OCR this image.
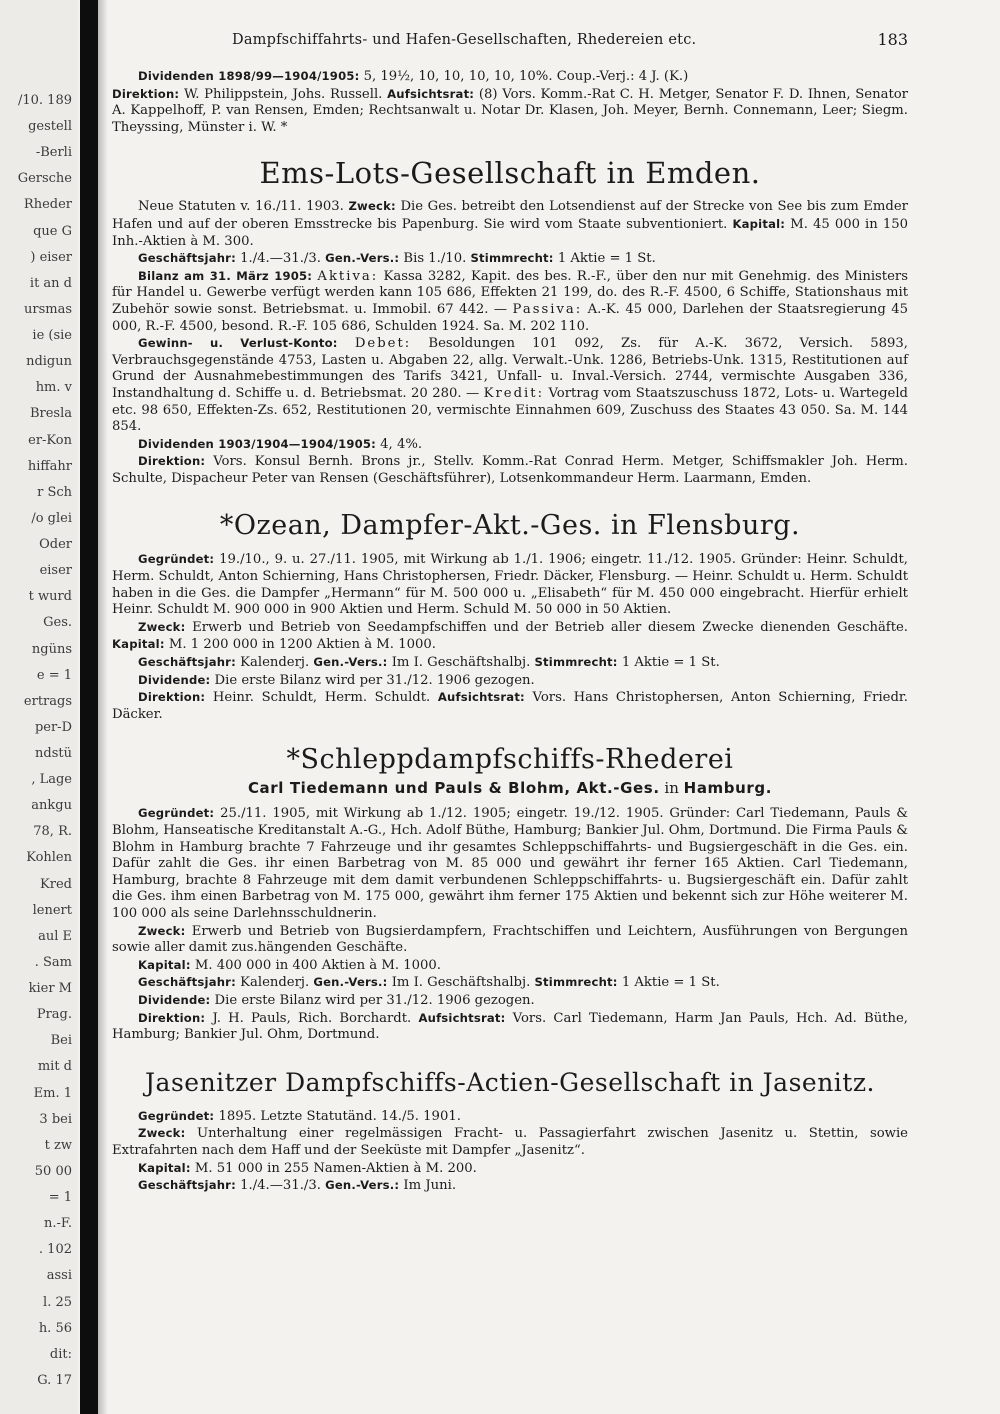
/10. 189
gestell
-Berli
Gersche
Rheder
que G
) eiser
it an d
ursmas
ie (sie
ndigun
hm. v
Bresla
er-Kon
hiffahr
r Sch
/o glei
Oder
eiser
t wurd
Ges.
ngüns
e = 1
ertrags
per-D
ndstü
, Lage
ankgu
78, R.
Kohlen
Kred
lenert
aul E
. Sam
kier M
Prag.
Bei
mit d
Em. 1
3 bei
t zw
50 00
= 1
n.-F.
. 102
assi
l. 25
h. 56
dit:
G. 17
Dampfschiffahrts- und Hafen-Gesellschaften, Rhedereien etc.	183

Dividenden 1898/99—1904/1905: 5, 19½, 10, 10, 10, 10, 10%. Coup.-Verj.: 4 J. (K.)
Direktion: W. Philippstein, Johs. Russell. Aufsichtsrat: (8) Vors. Komm.-Rat C. H. Metger, Senator F. D. Ihnen, Senator A. Kappelhoff, P. van Rensen, Emden; Rechtsanwalt u. Notar Dr. Klasen, Joh. Meyer, Bernh. Connemann, Leer; Siegm. Theyssing, Münster i. W. *

Ems-Lots-Gesellschaft in Emden.

Neue Statuten v. 16./11. 1903. Zweck: Die Ges. betreibt den Lotsendienst auf der Strecke von See bis zum Emder Hafen und auf der oberen Emsstrecke bis Papenburg. Sie wird vom Staate subventioniert. Kapital: M. 45 000 in 150 Inh.-Aktien à M. 300.

Geschäftsjahr: 1./4.—31./3. Gen.-Vers.: Bis 1./10. Stimmrecht: 1 Aktie = 1 St.

Bilanz am 31. März 1905: Aktiva: Kassa 3282, Kapit. des bes. R.-F., über den nur mit Genehmig. des Ministers für Handel u. Gewerbe verfügt werden kann 105 686, Effekten 21 199, do. des R.-F. 4500, 6 Schiffe, Stationshaus mit Zubehör sowie sonst. Betriebsmat. u. Immobil. 67 442. — Passiva: A.-K. 45 000, Darlehen der Staatsregierung 45 000, R.-F. 4500, besond. R.-F. 105 686, Schulden 1924. Sa. M. 202 110.

Gewinn- u. Verlust-Konto: Debet: Besoldungen 101 092, Zs. für A.-K. 3672, Versich. 5893, Verbrauchsgegenstände 4753, Lasten u. Abgaben 22, allg. Verwalt.-Unk. 1286, Betriebs-Unk. 1315, Restitutionen auf Grund der Ausnahmebestimmungen des Tarifs 3421, Unfall- u. Inval.-Versich. 2744, vermischte Ausgaben 336, Instandhaltung d. Schiffe u. d. Betriebsmat. 20 280. — Kredit: Vortrag vom Staatszuschuss 1872, Lots- u. Wartegeld etc. 98 650, Effekten-Zs. 652, Restitutionen 20, vermischte Einnahmen 609, Zuschuss des Staates 43 050. Sa. M. 144 854.

Dividenden 1903/1904—1904/1905: 4, 4%.

Direktion: Vors. Konsul Bernh. Brons jr., Stellv. Komm.-Rat Conrad Herm. Metger, Schiffsmakler Joh. Herm. Schulte, Dispacheur Peter van Rensen (Geschäftsführer), Lotsenkommandeur Herm. Laarmann, Emden.

*Ozean, Dampfer-Akt.-Ges. in Flensburg.

Gegründet: 19./10., 9. u. 27./11. 1905, mit Wirkung ab 1./1. 1906; eingetr. 11./12. 1905. Gründer: Heinr. Schuldt, Herm. Schuldt, Anton Schierning, Hans Christophersen, Friedr. Däcker, Flensburg. — Heinr. Schuldt u. Herm. Schuldt haben in die Ges. die Dampfer „Hermann“ für M. 500 000 u. „Elisabeth“ für M. 450 000 eingebracht. Hierfür erhielt Heinr. Schuldt M. 900 000 in 900 Aktien und Herm. Schuld M. 50 000 in 50 Aktien.

Zweck: Erwerb und Betrieb von Seedampfschiffen und der Betrieb aller diesem Zwecke dienenden Geschäfte. Kapital: M. 1 200 000 in 1200 Aktien à M. 1000.

Geschäftsjahr: Kalenderj. Gen.-Vers.: Im I. Geschäftshalbj. Stimmrecht: 1 Aktie = 1 St.

Dividende: Die erste Bilanz wird per 31./12. 1906 gezogen.

Direktion: Heinr. Schuldt, Herm. Schuldt. Aufsichtsrat: Vors. Hans Christophersen, Anton Schierning, Friedr. Däcker.

*Schleppdampfschiffs-Rhederei
Carl Tiedemann und Pauls & Blohm, Akt.-Ges. in Hamburg.

Gegründet: 25./11. 1905, mit Wirkung ab 1./12. 1905; eingetr. 19./12. 1905. Gründer: Carl Tiedemann, Pauls & Blohm, Hanseatische Kreditanstalt A.-G., Hch. Adolf Büthe, Hamburg; Bankier Jul. Ohm, Dortmund. Die Firma Pauls & Blohm in Hamburg brachte 7 Fahrzeuge und ihr gesamtes Schleppschiffahrts- und Bugsiergeschäft in die Ges. ein. Dafür zahlt die Ges. ihr einen Barbetrag von M. 85 000 und gewährt ihr ferner 165 Aktien. Carl Tiedemann, Hamburg, brachte 8 Fahrzeuge mit dem damit verbundenen Schleppschiffahrts- u. Bugsiergeschäft ein. Dafür zahlt die Ges. ihm einen Barbetrag von M. 175 000, gewährt ihm ferner 175 Aktien und bekennt sich zur Höhe weiterer M. 100 000 als seine Darlehnsschuldnerin.

Zweck: Erwerb und Betrieb von Bugsierdampfern, Frachtschiffen und Leichtern, Ausführungen von Bergungen sowie aller damit zus.hängenden Geschäfte.

Kapital: M. 400 000 in 400 Aktien à M. 1000.

Geschäftsjahr: Kalenderj. Gen.-Vers.: Im I. Geschäftshalbj. Stimmrecht: 1 Aktie = 1 St.

Dividende: Die erste Bilanz wird per 31./12. 1906 gezogen.

Direktion: J. H. Pauls, Rich. Borchardt. Aufsichtsrat: Vors. Carl Tiedemann, Harm Jan Pauls, Hch. Ad. Büthe, Hamburg; Bankier Jul. Ohm, Dortmund.

Jasenitzer Dampfschiffs-Actien-Gesellschaft in Jasenitz.

Gegründet: 1895. Letzte Statutänd. 14./5. 1901.

Zweck: Unterhaltung einer regelmässigen Fracht- u. Passagierfahrt zwischen Jasenitz u. Stettin, sowie Extrafahrten nach dem Haff und der Seeküste mit Dampfer „Jasenitz“.

Kapital: M. 51 000 in 255 Namen-Aktien à M. 200.

Geschäftsjahr: 1./4.—31./3. Gen.-Vers.: Im Juni.
